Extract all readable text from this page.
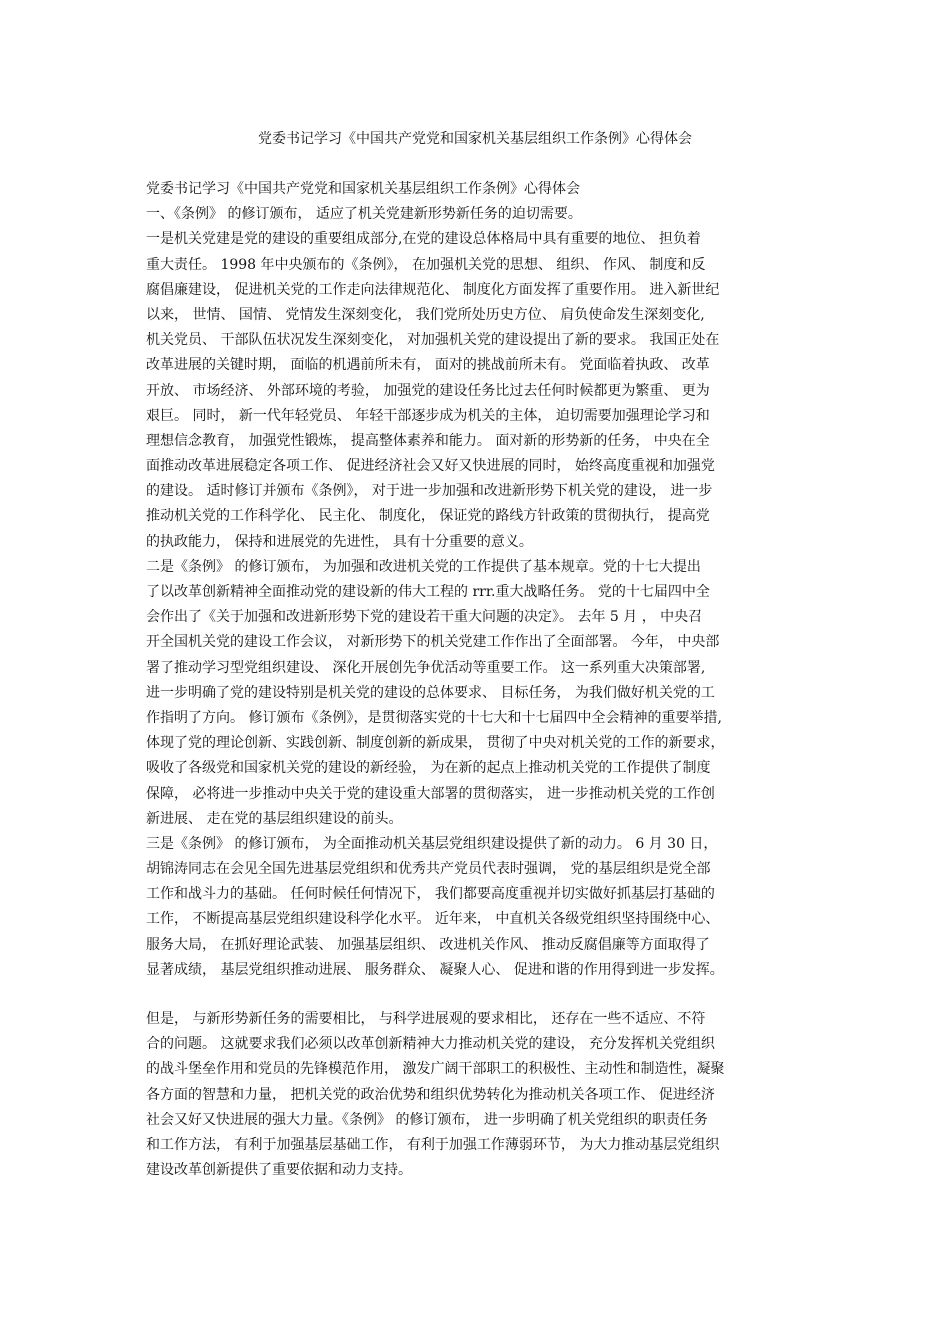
党委书记学习《中国共产党党和国家机关基层组织工作条例》心得体会
党委书记学习《中国共产党党和国家机关基层组织工作条例》心得体会
一、《条例》 的修订颁布， 适应了机关党建新形势新任务的迫切需要。
一是机关党建是党的建设的重要组成部分,在党的建设总体格局中具有重要的地位、 担负着
重大责任。 1998 年中央颁布的《条例》， 在加强机关党的思想、 组织、 作风、 制度和反
腐倡廉建设， 促进机关党的工作走向法律规范化、 制度化方面发挥了重要作用。 进入新世纪
以来， 世情、 国情、 党情发生深刻变化， 我们党所处历史方位、 肩负使命发生深刻变化,
机关党员、 干部队伍状况发生深刻变化， 对加强机关党的建设提出了新的要求。 我国正处在
改革进展的关键时期， 面临的机遇前所未有， 面对的挑战前所未有。 党面临着执政、 改革
开放、 市场经济、 外部环境的考验， 加强党的建设任务比过去任何时候都更为繁重、 更为
艰巨。 同时， 新一代年轻党员、 年轻干部逐步成为机关的主体， 迫切需要加强理论学习和
理想信念教育， 加强党性锻炼， 提高整体素养和能力。 面对新的形势新的任务， 中央在全
面推动改革进展稳定各项工作、 促进经济社会又好又快进展的同时， 始终高度重视和加强党
的建设。 适时修订并颁布《条例》， 对于进一步加强和改进新形势下机关党的建设， 进一步
推动机关党的工作科学化、 民主化、 制度化， 保证党的路线方针政策的贯彻执行， 提高党
的执政能力， 保持和进展党的先进性， 具有十分重要的意义。
二是《条例》 的修订颁布， 为加强和改进机关党的工作提供了基本规章。党的十七大提出
了以改革创新精神全面推动党的建设新的伟大工程的 rrr.重大战略任务。 党的十七届四中全
会作出了《关于加强和改进新形势下党的建设若干重大问题的决定》。 去年 5 月 ， 中央召
开全国机关党的建设工作会议， 对新形势下的机关党建工作作出了全面部署。 今年， 中央部
署了推动学习型党组织建设、 深化开展创先争优活动等重要工作。 这一系列重大决策部署,
进一步明确了党的建设特别是机关党的建设的总体要求、 目标任务， 为我们做好机关党的工
作指明了方向。 修订颁布《条例》，是贯彻落实党的十七大和十七届四中全会精神的重要举措,
体现了党的理论创新、实践创新、制度创新的新成果， 贯彻了中央对机关党的工作的新要求，
吸收了各级党和国家机关党的建设的新经验， 为在新的起点上推动机关党的工作提供了制度
保障， 必将进一步推动中央关于党的建设重大部署的贯彻落实， 进一步推动机关党的工作创
新进展、 走在党的基层组织建设的前头。
三是《条例》 的修订颁布， 为全面推动机关基层党组织建设提供了新的动力。 6 月 30 日，
胡锦涛同志在会见全国先进基层党组织和优秀共产党员代表时强调， 党的基层组织是党全部
工作和战斗力的基础。 任何时候任何情况下， 我们都要高度重视并切实做好抓基层打基础的
工作， 不断提高基层党组织建设科学化水平。 近年来， 中直机关各级党组织坚持围绕中心、
服务大局， 在抓好理论武装、 加强基层组织、 改进机关作风、 推动反腐倡廉等方面取得了
显著成绩， 基层党组织推动进展、 服务群众、 凝聚人心、 促进和谐的作用得到进一步发挥。
但是， 与新形势新任务的需要相比， 与科学进展观的要求相比， 还存在一些不适应、不符
合的问题。 这就要求我们必须以改革创新精神大力推动机关党的建设， 充分发挥机关党组织
的战斗堡垒作用和党员的先锋模范作用， 激发广阔干部职工的积极性、主动性和制造性，凝聚
各方面的智慧和力量， 把机关党的政治优势和组织优势转化为推动机关各项工作、 促进经济
社会又好又快进展的强大力量。《条例》 的修订颁布， 进一步明确了机关党组织的职责任务
和工作方法， 有利于加强基层基础工作， 有利于加强工作薄弱环节， 为大力推动基层党组织
建设改革创新提供了重要依据和动力支持。
